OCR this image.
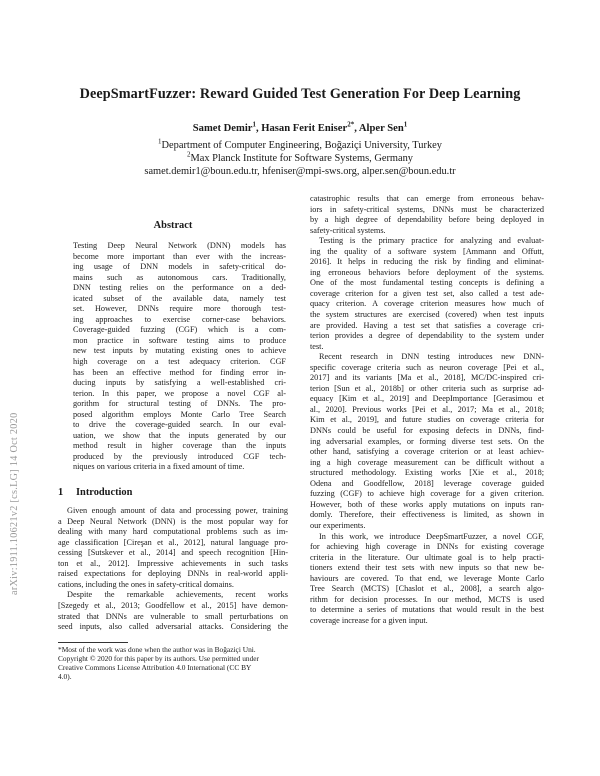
DeepSmartFuzzer: Reward Guided Test Generation For Deep Learning
Samet Demir$^1$, Hasan Ferit Eniser$^{2*}$, Alper Sen$^1$
$^1$Department of Computer Engineering, Boğaziçi University, Turkey
$^2$Max Planck Institute for Software Systems, Germany
samet.demir1@boun.edu.tr, hfeniser@mpi-sws.org, alper.sen@boun.edu.tr
Abstract
Testing Deep Neural Network (DNN) models has
become more important than ever with the increas-
ing usage of DNN models in safety-critical do-
mains such as autonomous cars. Traditionally,
DNN testing relies on the performance on a ded-
icated subset of the available data, namely test
set. However, DNNs require more thorough test-
ing approaches to exercise corner-case behaviors.
Coverage-guided fuzzing (CGF) which is a com-
mon practice in software testing aims to produce
new test inputs by mutating existing ones to achieve
high coverage on a test adequacy criterion. CGF
has been an effective method for finding error in-
ducing inputs by satisfying a well-established cri-
terion. In this paper, we propose a novel CGF al-
gorithm for structural testing of DNNs. The pro-
posed algorithm employs Monte Carlo Tree Search
to drive the coverage-guided search. In our eval-
uation, we show that the inputs generated by our
method result in higher coverage than the inputs
produced by the previously introduced CGF tech-
niques on various criteria in a fixed amount of time.
1 Introduction
Given enough amount of data and processing power, training
a Deep Neural Network (DNN) is the most popular way for
dealing with many hard computational problems such as im-
age classification [Cireşan et al., 2012], natural language pro-
cessing [Sutskever et al., 2014] and speech recognition [Hin-
ton et al., 2012]. Impressive achievements in such tasks
raised expectations for deploying DNNs in real-world appli-
cations, including the ones in safety-critical domains.
Despite the remarkable achievements, recent works
[Szegedy et al., 2013; Goodfellow et al., 2015] have demon-
strated that DNNs are vulnerable to small perturbations on
seed inputs, also called adversarial attacks. Considering the
*Most of the work was done when the author was in Boğaziçi Uni.
Copyright © 2020 for this paper by its authors. Use permitted under
Creative Commons License Attribution 4.0 International (CC BY
4.0).
catastrophic results that can emerge from erroneous behav-
iors in safety-critical systems, DNNs must be characterized
by a high degree of dependability before being deployed in
safety-critical systems.
Testing is the primary practice for analyzing and evaluat-
ing the quality of a software system [Ammann and Offutt,
2016]. It helps in reducing the risk by finding and eliminat-
ing erroneous behaviors before deployment of the systems.
One of the most fundamental testing concepts is defining a
coverage criterion for a given test set, also called a test ade-
quacy criterion. A coverage criterion measures how much of
the system structures are exercised (covered) when test inputs
are provided. Having a test set that satisfies a coverage cri-
terion provides a degree of dependability to the system under
test.
Recent research in DNN testing introduces new DNN-
specific coverage criteria such as neuron coverage [Pei et al.,
2017] and its variants [Ma et al., 2018], MC/DC-inspired cri-
terion [Sun et al., 2018b] or other criteria such as surprise ad-
equacy [Kim et al., 2019] and DeepImportance [Gerasimou et
al., 2020]. Previous works [Pei et al., 2017; Ma et al., 2018;
Kim et al., 2019], and future studies on coverage criteria for
DNNs could be useful for exposing defects in DNNs, find-
ing adversarial examples, or forming diverse test sets. On the
other hand, satisfying a coverage criterion or at least achiev-
ing a high coverage measurement can be difficult without a
structured methodology. Existing works [Xie et al., 2018;
Odena and Goodfellow, 2018] leverage coverage guided
fuzzing (CGF) to achieve high coverage for a given criterion.
However, both of these works apply mutations on inputs ran-
domly. Therefore, their effectiveness is limited, as shown in
our experiments.
In this work, we introduce DeepSmartFuzzer, a novel CGF,
for achieving high coverage in DNNs for existing coverage
criteria in the literature. Our ultimate goal is to help practi-
tioners extend their test sets with new inputs so that new be-
haviours are covered. To that end, we leverage Monte Carlo
Tree Search (MCTS) [Chaslot et al., 2008], a search algo-
rithm for decision processes. In our method, MCTS is used
to determine a series of mutations that would result in the best
coverage increase for a given input.
arXiv:1911.10621v2 [cs.LG] 14 Oct 2020
